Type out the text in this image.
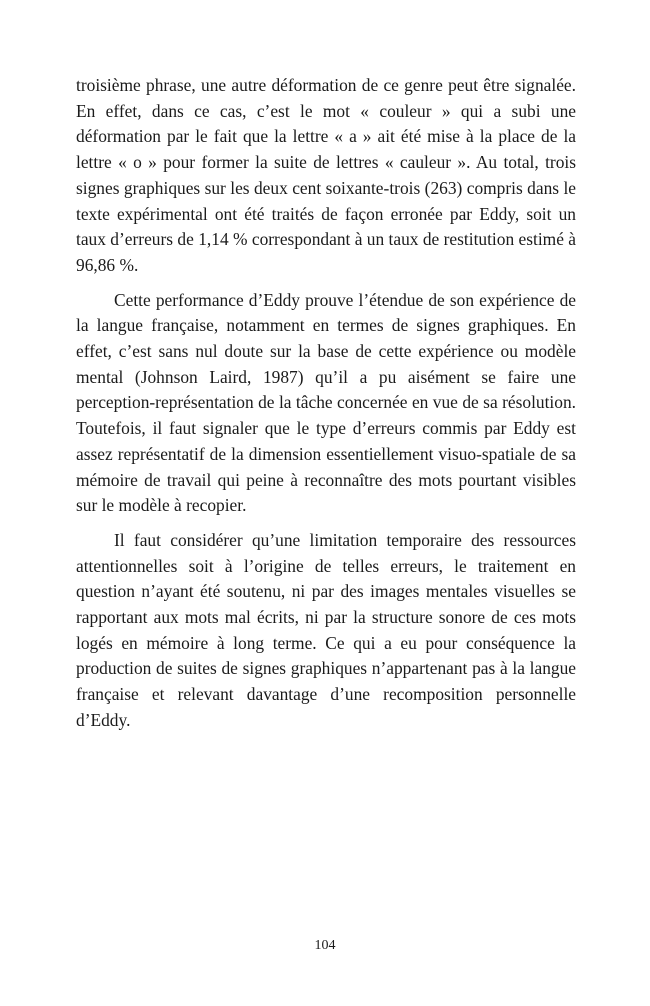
troisième phrase, une autre déformation de ce genre peut être signalée. En effet, dans ce cas, c’est le mot « couleur » qui a subi une déformation par le fait que la lettre « a » ait été mise à la place de la lettre « o » pour former la suite de lettres « cauleur ». Au total, trois signes graphiques sur les deux cent soixante-trois (263) compris dans le texte expérimental ont été traités de façon erronée par Eddy, soit un taux d’erreurs de 1,14 % correspondant à un taux de restitution estimé à 96,86 %.

Cette performance d’Eddy prouve l’étendue de son expérience de la langue française, notamment en termes de signes graphiques. En effet, c’est sans nul doute sur la base de cette expérience ou modèle mental (Johnson Laird, 1987) qu’il a pu aisément se faire une perception-représentation de la tâche concernée en vue de sa résolution. Toutefois, il faut signaler que le type d’erreurs commis par Eddy est assez représentatif de la dimension essentiellement visuo-spatiale de sa mémoire de travail qui peine à reconnaître des mots pourtant visibles sur le modèle à recopier.

Il faut considérer qu’une limitation temporaire des ressources attentionnelles soit à l’origine de telles erreurs, le traitement en question n’ayant été soutenu, ni par des images mentales visuelles se rapportant aux mots mal écrits, ni par la structure sonore de ces mots logés en mémoire à long terme. Ce qui a eu pour conséquence la production de suites de signes graphiques n’appartenant pas à la langue française et relevant davantage d’une recomposition personnelle d’Eddy.

104
